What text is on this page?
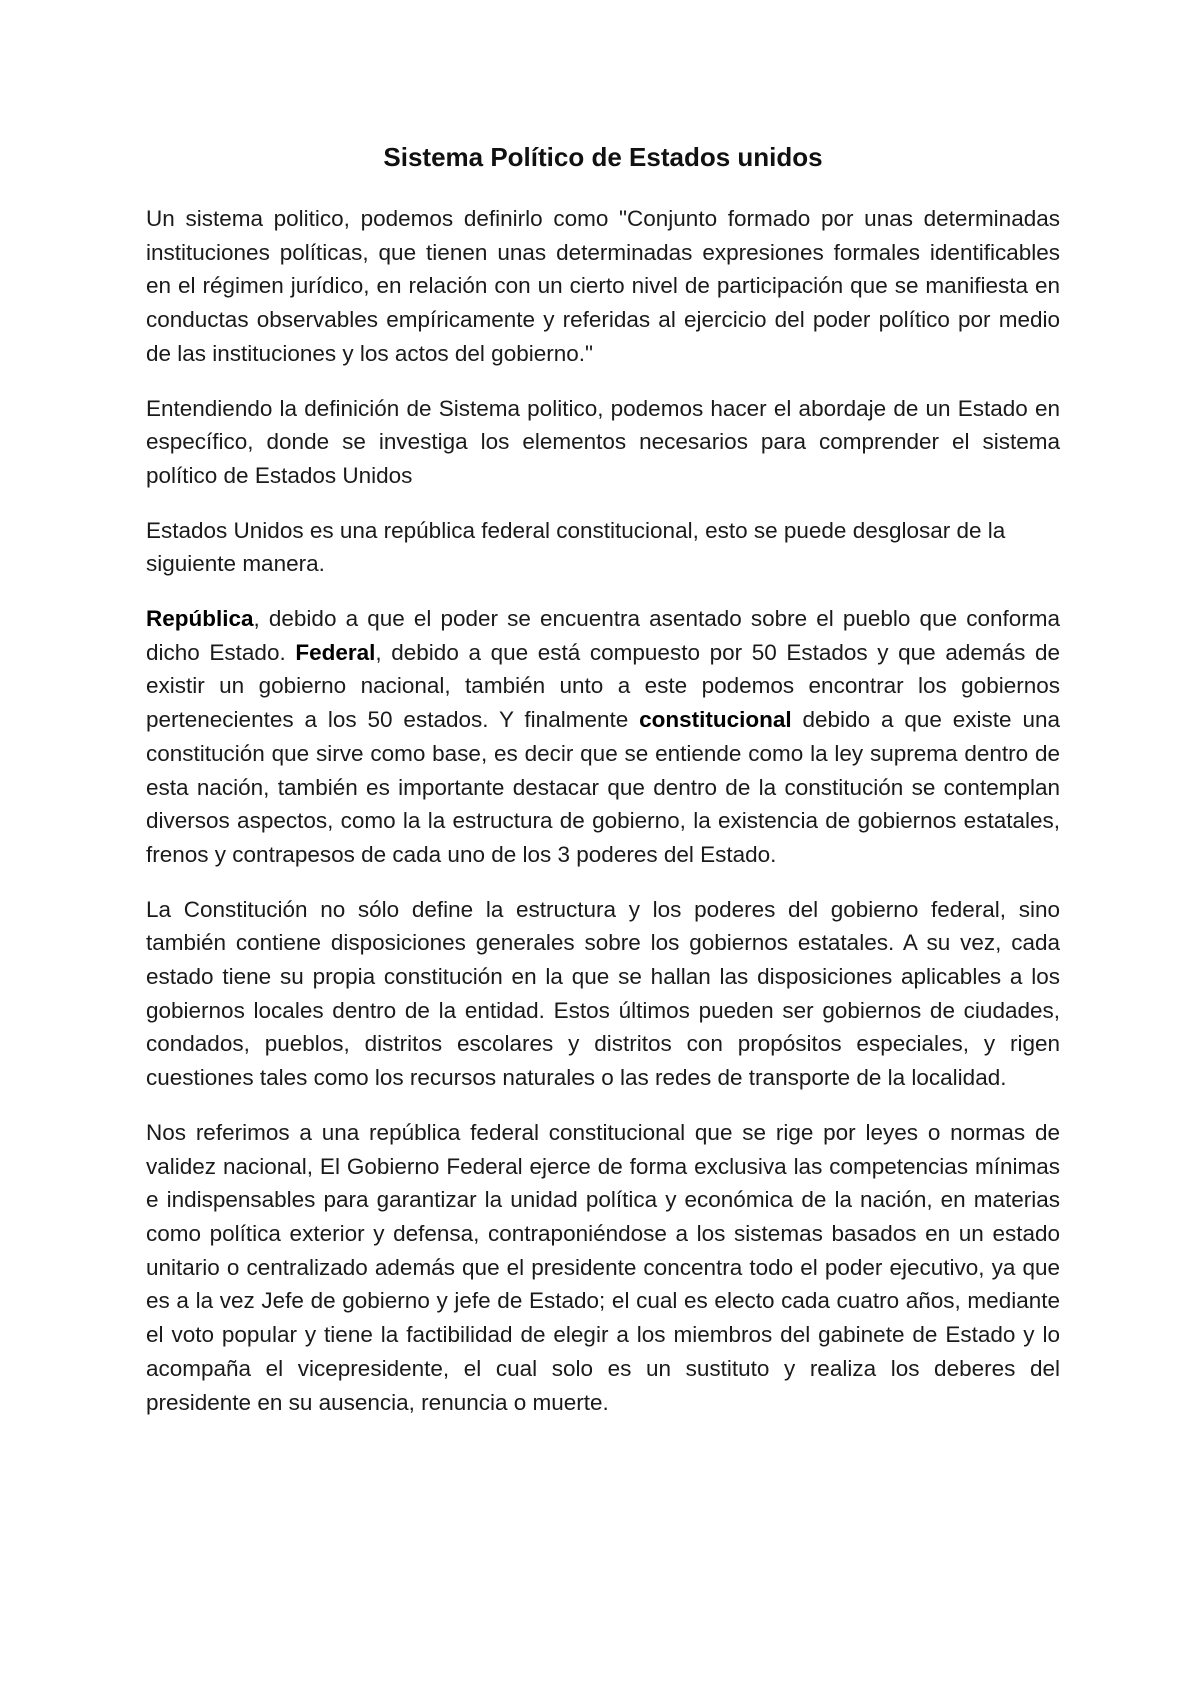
Sistema Político de Estados unidos

Un sistema politico, podemos definirlo como "Conjunto formado por unas determinadas instituciones políticas, que tienen unas determinadas expresiones formales identificables en el régimen jurídico, en relación con un cierto nivel de participación que se manifiesta en conductas observables empíricamente y referidas al ejercicio del poder político por medio de las instituciones y los actos del gobierno."

Entendiendo la definición de Sistema politico, podemos hacer el abordaje de un Estado en específico, donde se investiga los elementos necesarios para comprender el sistema político de Estados Unidos

Estados Unidos es una república federal constitucional, esto se puede desglosar de la siguiente manera.

República, debido a que el poder se encuentra asentado sobre el pueblo que conforma dicho Estado. Federal, debido a que está compuesto por 50 Estados y que además de existir un gobierno nacional, también unto a este podemos encontrar los gobiernos pertenecientes a los 50 estados. Y finalmente constitucional debido a que existe una constitución que sirve como base, es decir que se entiende como la ley suprema dentro de esta nación, también es importante destacar que dentro de la constitución se contemplan diversos aspectos, como la la estructura de gobierno, la existencia de gobiernos estatales, frenos y contrapesos de cada uno de los 3 poderes del Estado.

La Constitución no sólo define la estructura y los poderes del gobierno federal, sino también contiene disposiciones generales sobre los gobiernos estatales. A su vez, cada estado tiene su propia constitución en la que se hallan las disposiciones aplicables a los gobiernos locales dentro de la entidad. Estos últimos pueden ser gobiernos de ciudades, condados, pueblos, distritos escolares y distritos con propósitos especiales, y rigen cuestiones tales como los recursos naturales o las redes de transporte de la localidad.

Nos referimos a una república federal constitucional que se rige por leyes o normas de validez nacional, El Gobierno Federal ejerce de forma exclusiva las competencias mínimas e indispensables para garantizar la unidad política y económica de la nación, en materias como política exterior y defensa, contraponiéndose a los sistemas basados en un estado unitario o centralizado además que el presidente concentra todo el poder ejecutivo, ya que es a la vez Jefe de gobierno y jefe de Estado; el cual es electo cada cuatro años, mediante el voto popular y tiene la factibilidad de elegir a los miembros del gabinete de Estado y lo acompaña el vicepresidente, el cual solo es un sustituto y realiza los deberes del presidente en su ausencia, renuncia o muerte.
